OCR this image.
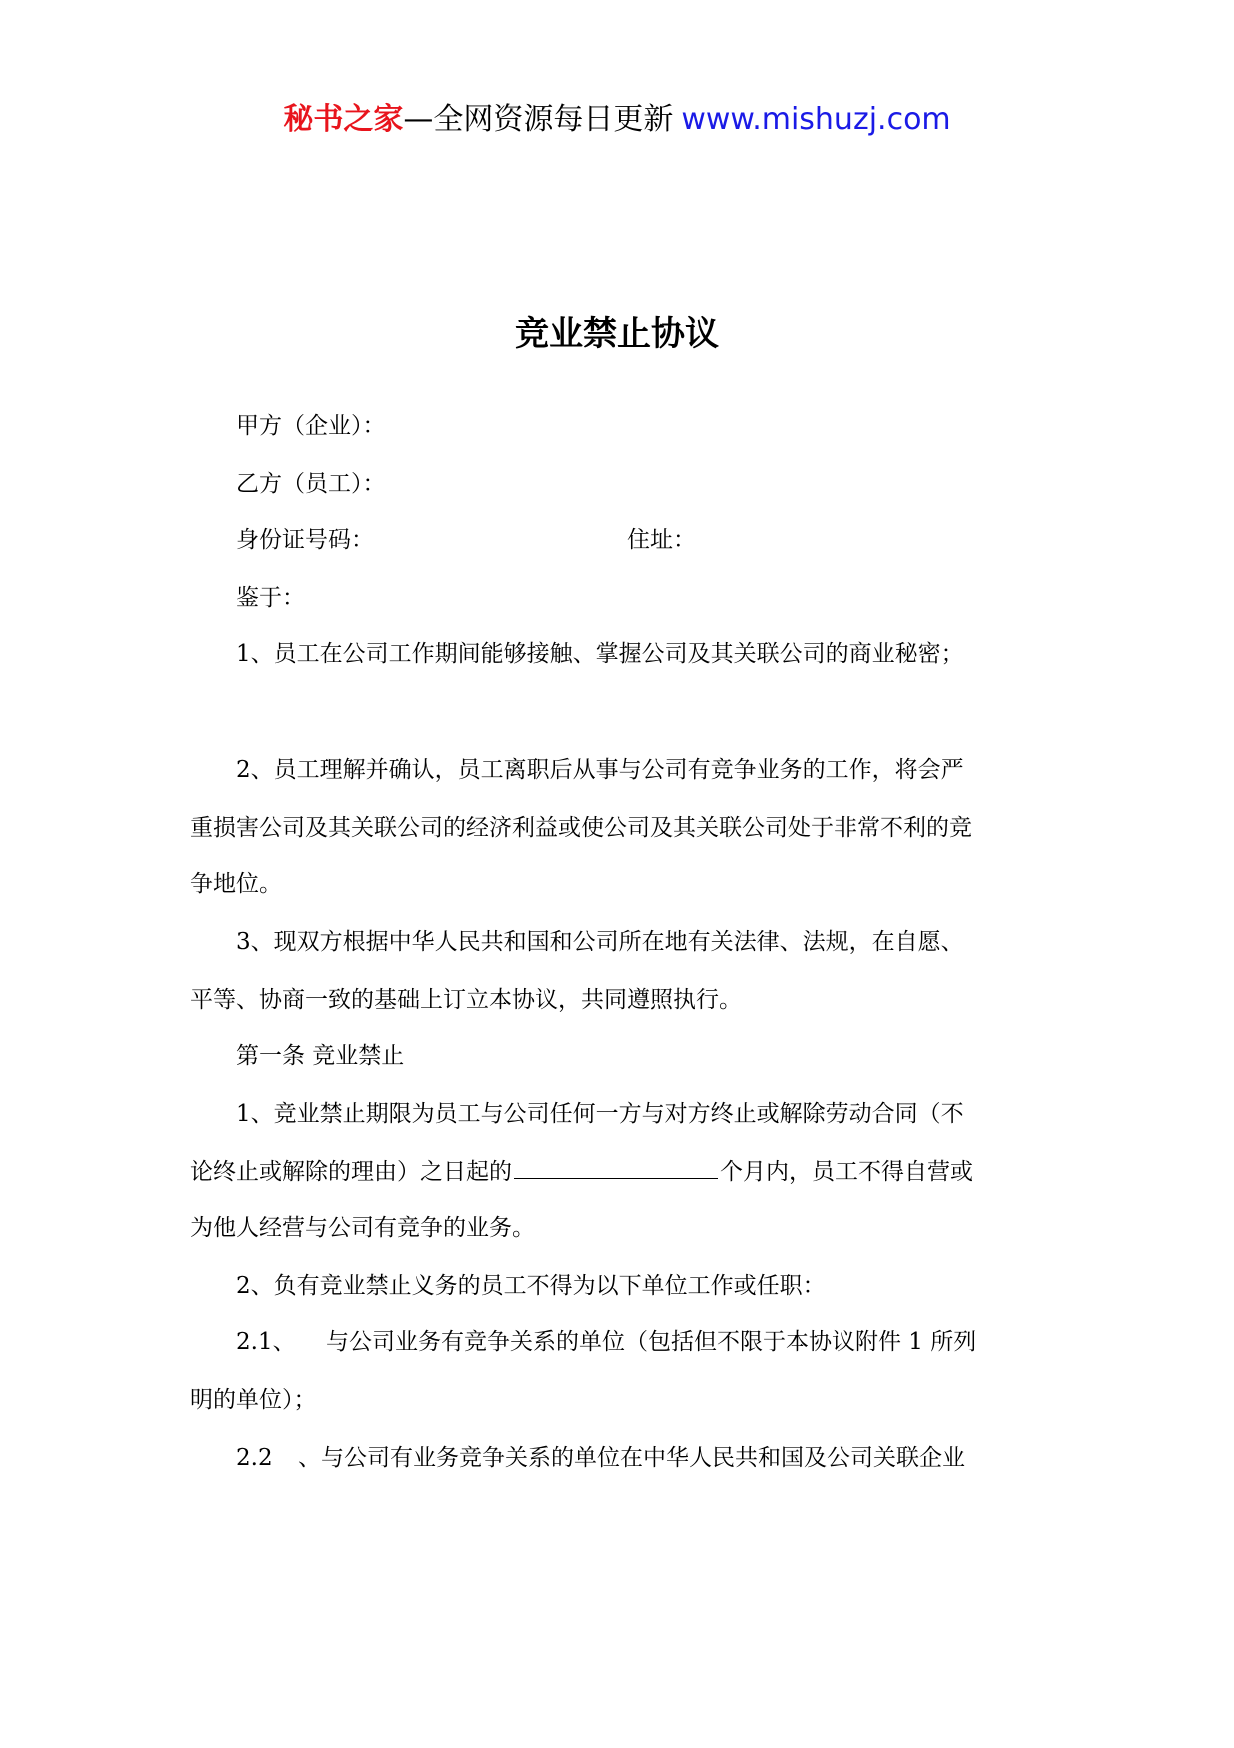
秘书之家—全网资源每日更新 www.mishuzj.com
竞业禁止协议
甲方（企业）：
乙方（员工）：
身份证号码：	住址：
鉴于：
1、员工在公司工作期间能够接触、掌握公司及其关联公司的商业秘密；
2、员工理解并确认，员工离职后从事与公司有竞争业务的工作，将会严
重损害公司及其关联公司的经济利益或使公司及其关联公司处于非常不利的竞
争地位。
3、现双方根据中华人民共和国和公司所在地有关法律、法规，在自愿、
平等、协商一致的基础上订立本协议，共同遵照执行。
第一条 竞业禁止
1、竞业禁止期限为员工与公司任何一方与对方终止或解除劳动合同（不
论终止或解除的理由）之日起的	个月内，员工不得自营或
为他人经营与公司有竞争的业务。
2、负有竞业禁止义务的员工不得为以下单位工作或任职：
2.1、 与公司业务有竞争关系的单位（包括但不限于本协议附件 1 所列
明的单位）；
2.2 、与公司有业务竞争关系的单位在中华人民共和国及公司关联企业
